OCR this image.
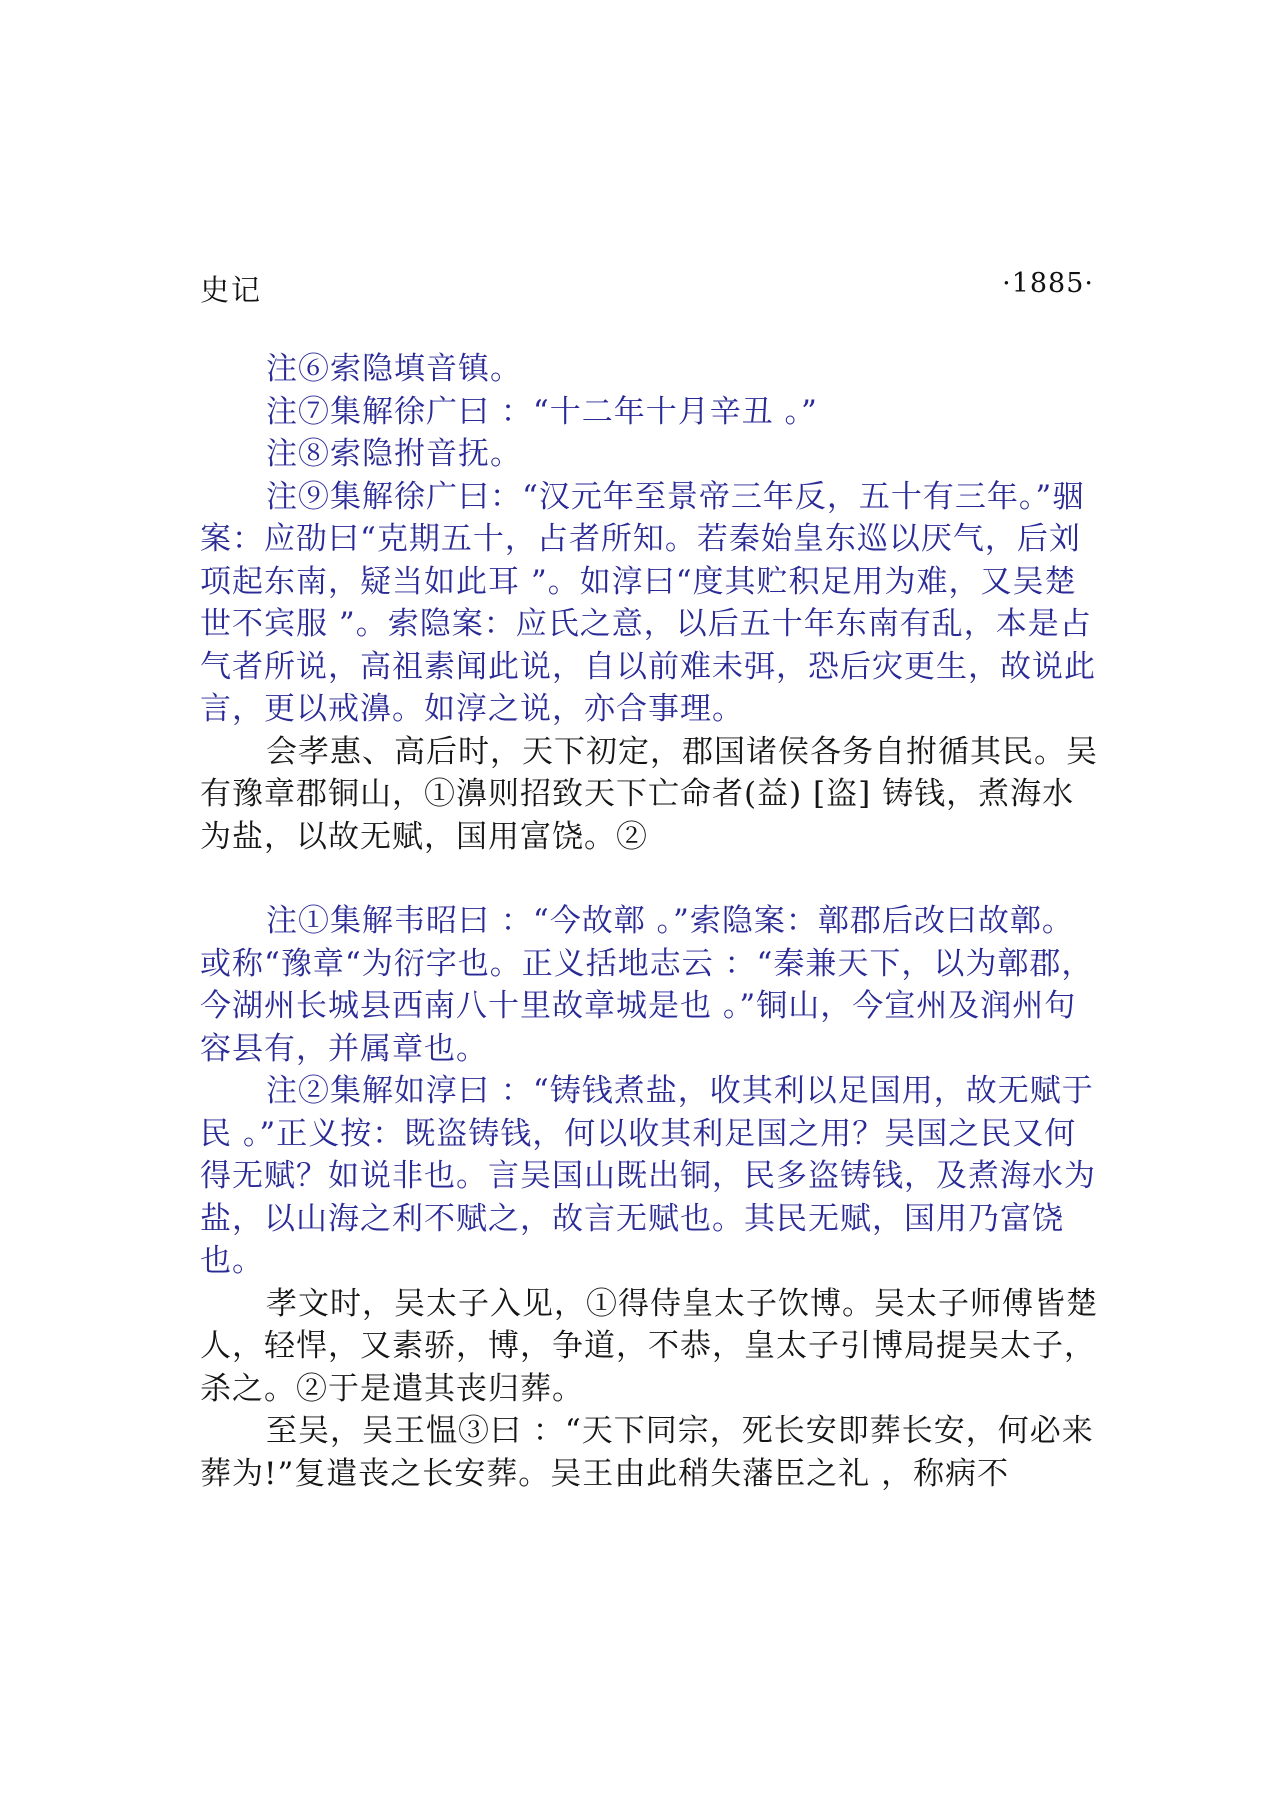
史记	·1885·

注⑥索隐填音镇。

注⑦集解徐广曰 ：“十二年十月辛丑 。”

注⑧索隐拊音抚。

注⑨集解徐广曰：“汉元年至景帝三年反，五十有三年。”骃案：应劭曰“克期五十，占者所知。若秦始皇东巡以厌气，后刘项起东南，疑当如此耳 ”。如淳曰“度其贮积足用为难，又吴楚世不宾服 ”。索隐案：应氏之意，以后五十年东南有乱，本是占气者所说，高祖素闻此说，自以前难未弭，恐后灾更生，故说此言，更以戒濞。如淳之说，亦合事理。

会孝惠、高后时，天下初定，郡国诸侯各务自拊循其民。吴有豫章郡铜山，①濞则招致天下亡命者(益) [盗] 铸钱，煮海水为盐，以故无赋，国用富饶。②

注①集解韦昭曰 ：“今故鄣 。”索隐案：鄣郡后改曰故鄣。或称“豫章“为衍字也。正义括地志云 ：“秦兼天下，以为鄣郡，今湖州长城县西南八十里故章城是也 。”铜山，今宣州及润州句容县有，并属章也。

注②集解如淳曰 ：“铸钱煮盐，收其利以足国用，故无赋于民 。”正义按：既盗铸钱，何以收其利足国之用？吴国之民又何得无赋？如说非也。言吴国山既出铜，民多盗铸钱，及煮海水为盐，以山海之利不赋之，故言无赋也。其民无赋，国用乃富饶也。

孝文时，吴太子入见，①得侍皇太子饮博。吴太子师傅皆楚人，轻悍，又素骄，博，争道，不恭，皇太子引博局提吴太子，杀之。②于是遣其丧归葬。

至吴，吴王愠③曰 ：“天下同宗，死长安即葬长安，何必来葬为!”复遣丧之长安葬。吴王由此稍失藩臣之礼 ，称病不
